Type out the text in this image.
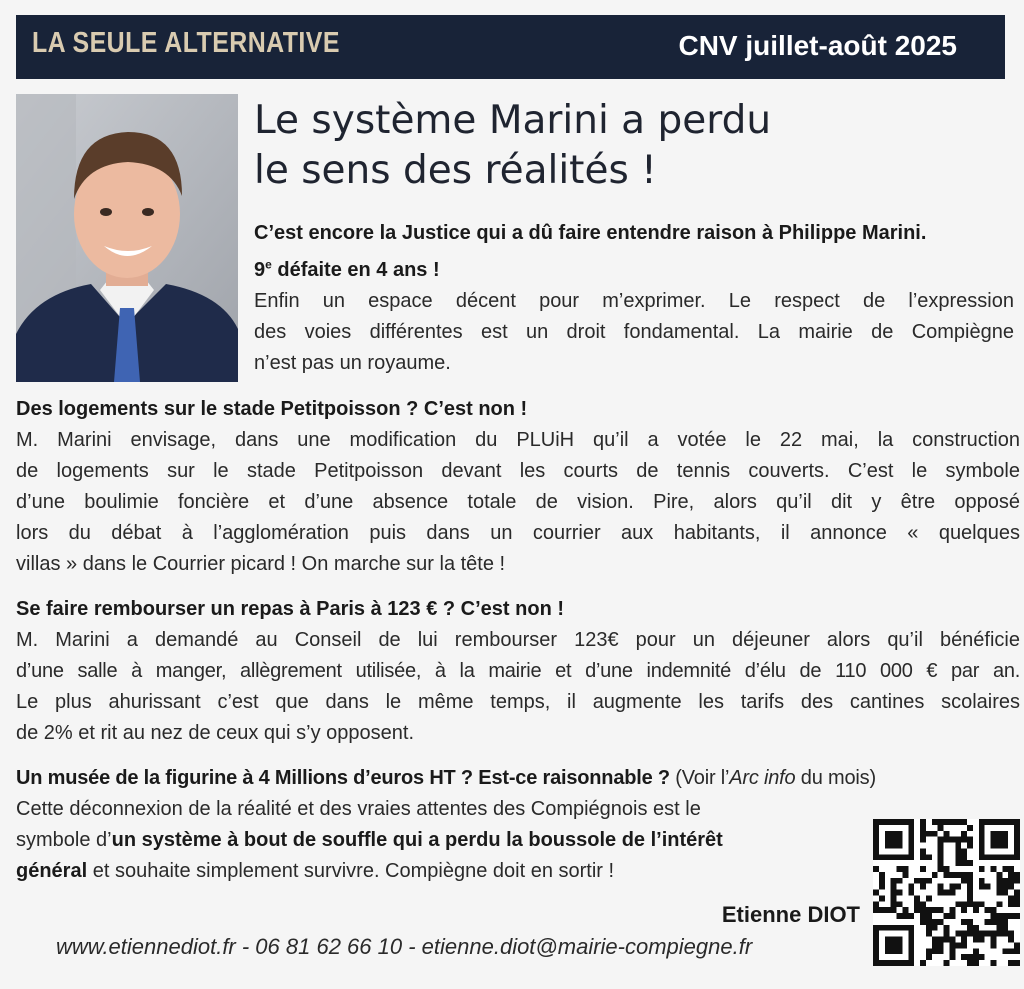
LA SEULE ALTERNATIVE	CNV juillet-août 2025
Le système Marini a perdu
le sens des réalités !
C’est encore la Justice qui a dû faire entendre raison à Philippe Marini.
9e défaite en 4 ans !
Enfin un espace décent pour m’exprimer. Le respect de l’expression
des voies différentes est un droit fondamental. La mairie de Compiègne
n’est pas un royaume.
Des logements sur le stade Petitpoisson ? C’est non !
M. Marini envisage, dans une modification du PLUiH qu’il a votée le 22 mai, la construction
de logements sur le stade Petitpoisson devant les courts de tennis couverts. C’est le symbole
d’une boulimie foncière et d’une absence totale de vision. Pire, alors qu’il dit y être opposé
lors du débat à l’agglomération puis dans un courrier aux habitants, il annonce « quelques
villas » dans le Courrier picard ! On marche sur la tête !
Se faire rembourser un repas à Paris à 123 € ? C’est non !
M. Marini a demandé au Conseil de lui rembourser 123€ pour un déjeuner alors qu’il bénéficie
d’une salle à manger, allègrement utilisée, à la mairie et d’une indemnité d’élu de 110 000 € par an.
Le plus ahurissant c’est que dans le même temps, il augmente les tarifs des cantines scolaires
de 2% et rit au nez de ceux qui s’y opposent.
Un musée de la figurine à 4 Millions d’euros HT ? Est-ce raisonnable ? (Voir l’Arc info du mois)
Cette déconnexion de la réalité et des vraies attentes des Compiégnois est le
symbole d’un système à bout de souffle qui a perdu la boussole de l’intérêt
général et souhaite simplement survivre. Compiègne doit en sortir !
Etienne DIOT
www.etiennediot.fr - 06 81 62 66 10 - etienne.diot@mairie-compiegne.fr
